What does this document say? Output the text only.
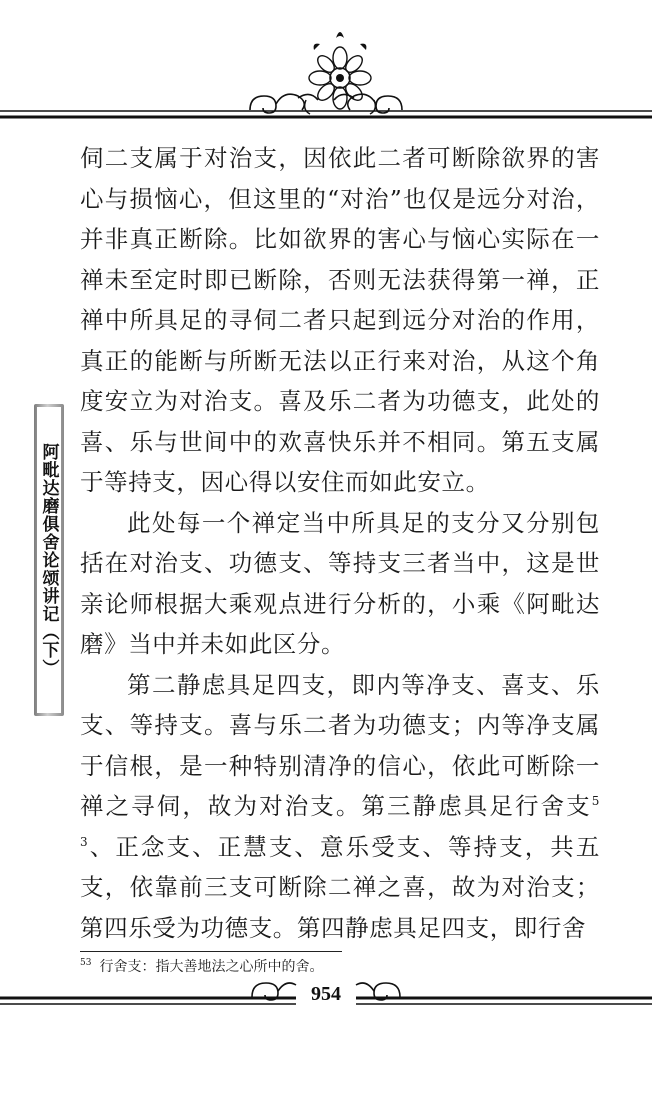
阿毗达磨俱舍论颂讲记（下）

伺二支属于对治支，因依此二者可断除欲界的害心与损恼心，但这里的“对治”也仅是远分对治，并非真正断除。比如欲界的害心与恼心实际在一禅未至定时即已断除，否则无法获得第一禅，正禅中所具足的寻伺二者只起到远分对治的作用，真正的能断与所断无法以正行来对治，从这个角度安立为对治支。喜及乐二者为功德支，此处的喜、乐与世间中的欢喜快乐并不相同。第五支属于等持支，因心得以安住而如此安立。

此处每一个禅定当中所具足的支分又分别包括在对治支、功德支、等持支三者当中，这是世亲论师根据大乘观点进行分析的，小乘《阿毗达磨》当中并未如此区分。

第二静虑具足四支，即内等净支、喜支、乐支、等持支。喜与乐二者为功德支；内等净支属于信根，是一种特别清净的信心，依此可断除一禅之寻伺，故为对治支。第三静虑具足行舍支$^{53}$、正念支、正慧支、意乐受支、等持支，共五支，依靠前三支可断除二禅之喜，故为对治支；第四乐受为功德支。第四静虑具足四支，即行舍

$^{53}$ 行舍支：指大善地法之心所中的舍。
954
